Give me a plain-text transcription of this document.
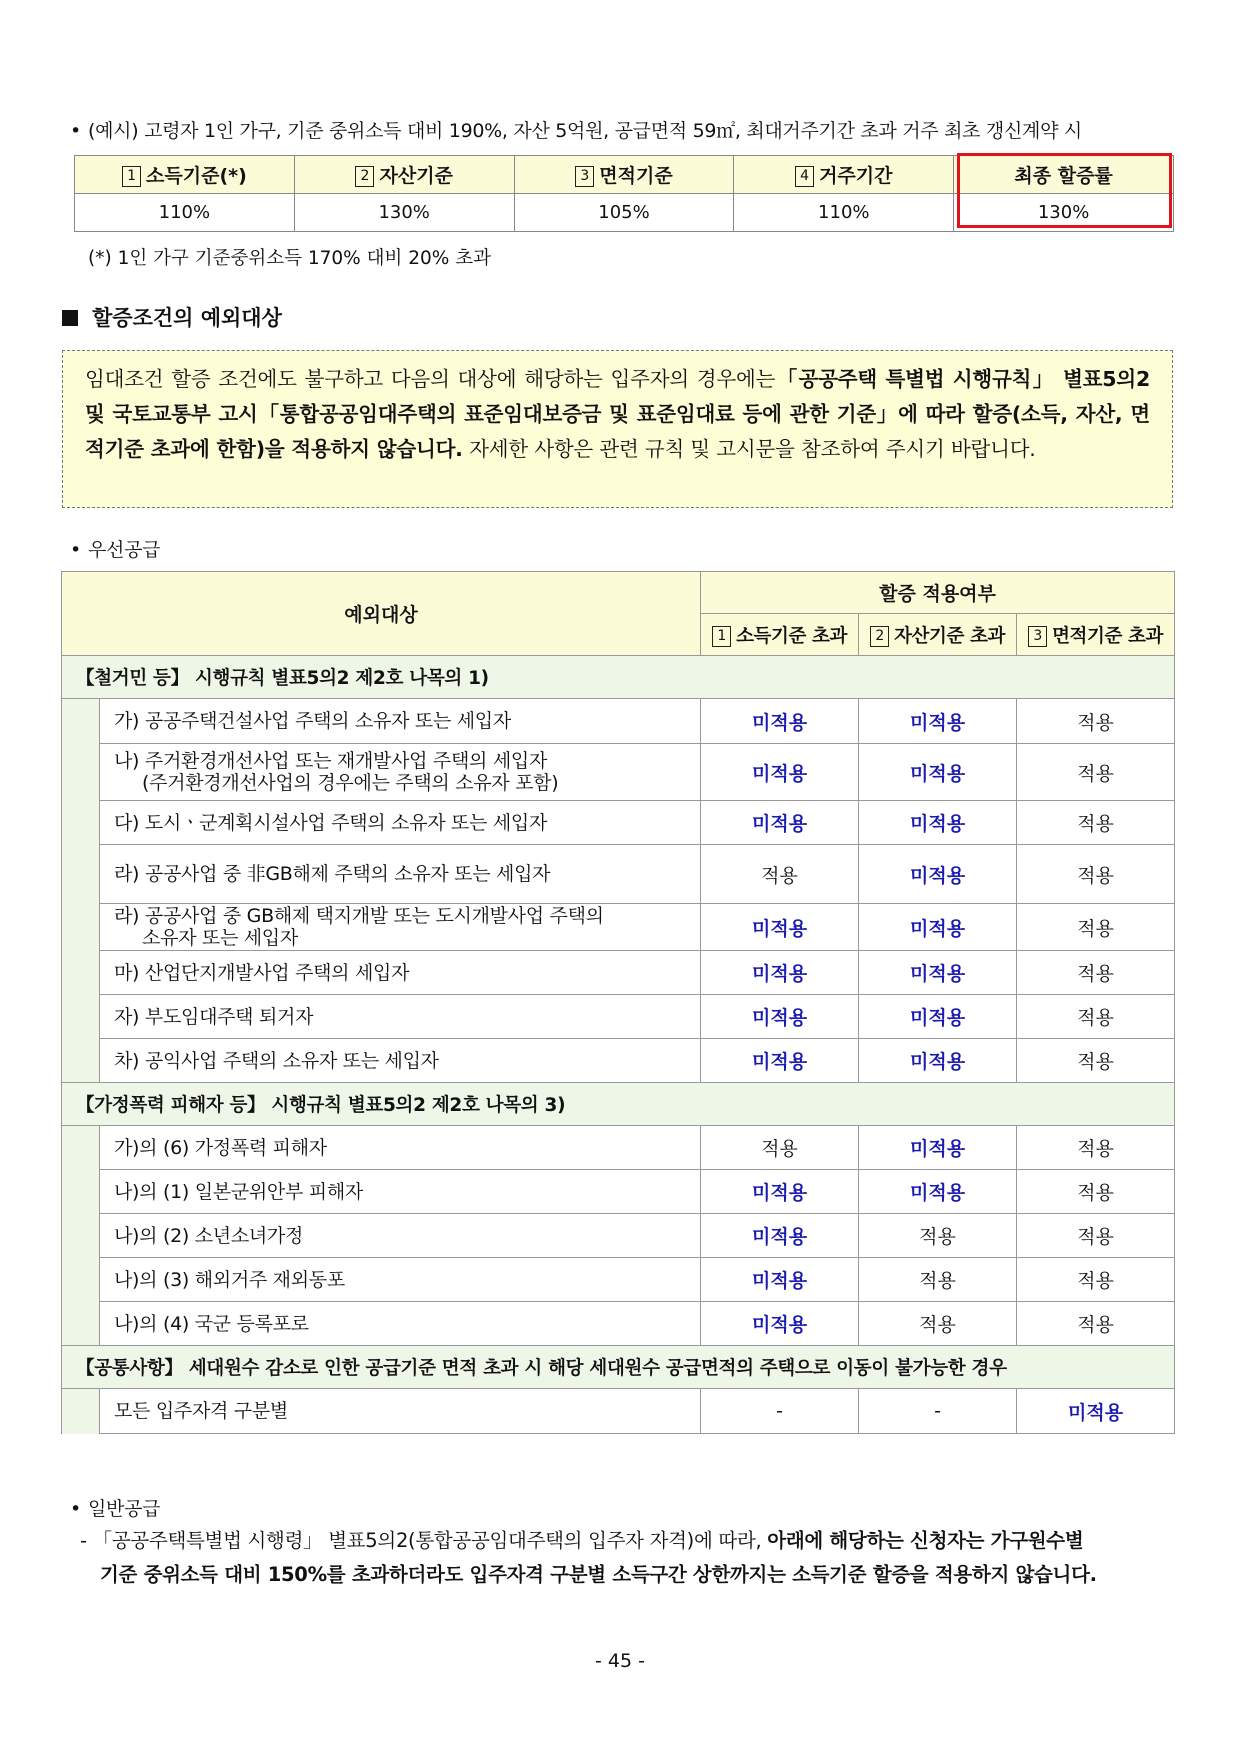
• (예시) 고령자 1인 가구, 기준 중위소득 대비 190%, 자산 5억원, 공급면적 59㎡, 최대거주기간 초과 거주 최초 갱신계약 시
1 소득기준(*)	2 자산기준	3 면적기준	4 거주기간	최종 할증률
110%	130%	105%	110%	130%
(*) 1인 가구 기준중위소득 170% 대비 20% 초과
할증조건의 예외대상
임대조건 할증 조건에도 불구하고 다음의 대상에 해당하는 입주자의 경우에는「공공주택 특별법 시행규칙」 별표5의2 및 국토교통부 고시「통합공공임대주택의 표준임대보증금 및 표준임대료 등에 관한 기준」에 따라 할증(소득, 자산, 면적기준 초과에 한함)을 적용하지 않습니다. 자세한 사항은 관련 규칙 및 고시문을 참조하여 주시기 바랍니다.
• 우선공급
예외대상		할증 적용여부		
		1 소득기준 초과	2 자산기준 초과	3 면적기준 초과
【철거민 등】 시행규칙 별표5의2 제2호 나목의 1)				

	가) 공공주택건설사업 주택의 소유자 또는 세입자	미적용	미적용	적용

	나) 주거환경개선사업 또는 재개발사업 주택의 세입자
(주거환경개선사업의 경우에는 주택의 소유자 포함)	미적용	미적용	적용

	다) 도시ㆍ군계획시설사업 주택의 소유자 또는 세입자	미적용	미적용	적용

	라) 공공사업 중 非GB해제 주택의 소유자 또는 세입자	적용	미적용	적용

	라) 공공사업 중 GB해제 택지개발 또는 도시개발사업 주택의
소유자 또는 세입자	미적용	미적용	적용

	마) 산업단지개발사업 주택의 세입자	미적용	미적용	적용

	자) 부도임대주택 퇴거자	미적용	미적용	적용

	차) 공익사업 주택의 소유자 또는 세입자	미적용	미적용	적용
【가정폭력 피해자 등】 시행규칙 별표5의2 제2호 나목의 3)				

	가)의 (6) 가정폭력 피해자	적용	미적용	적용

	나)의 (1) 일본군위안부 피해자	미적용	미적용	적용

	나)의 (2) 소년소녀가정	미적용	적용	적용

	나)의 (3) 해외거주 재외동포	미적용	적용	적용

	나)의 (4) 국군 등록포로	미적용	적용	적용
【공통사항】 세대원수 감소로 인한 공급기준 면적 초과 시 해당 세대원수 공급면적의 주택으로 이동이 불가능한 경우				

	모든 입주자격 구분별	-	-	미적용
• 일반공급
- 「공공주택특별법 시행령」 별표5의2(통합공공임대주택의 입주자 자격)에 따라, 아래에 해당하는 신청자는 가구원수별
기준 중위소득 대비 150%를 초과하더라도 입주자격 구분별 소득구간 상한까지는 소득기준 할증을 적용하지 않습니다.
- 45 -
